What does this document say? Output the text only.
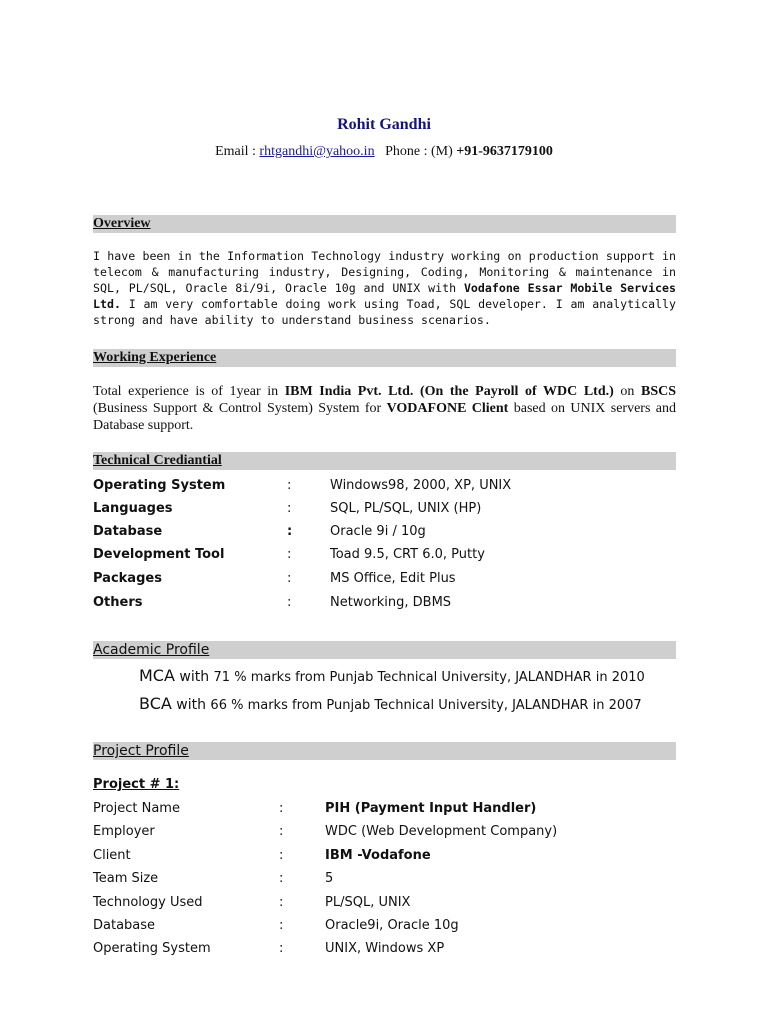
Rohit Gandhi
Email : rhtgandhi@yahoo.in Phone : (M) +91-9637179100
Overview
I have been in the Information Technology industry working on production support in telecom & manufacturing industry, Designing, Coding, Monitoring & maintenance in SQL, PL/SQL, Oracle 8i/9i, Oracle 10g and UNIX with Vodafone Essar Mobile Services Ltd. I am very comfortable doing work using Toad, SQL developer. I am analytically strong and have ability to understand business scenarios.
Working Experience
Total experience is of 1year in IBM India Pvt. Ltd. (On the Payroll of WDC Ltd.) on BSCS (Business Support & Control System) System for VODAFONE Client based on UNIX servers and Database support.
Technical Crediantial
Operating System	:	Windows98, 2000, XP, UNIX
Languages	:	SQL, PL/SQL, UNIX (HP)
Database	:	Oracle 9i / 10g
Development Tool	:	Toad 9.5, CRT 6.0, Putty
Packages	:	MS Office, Edit Plus
Others	:	Networking, DBMS
Academic Profile
MCA with 71 % marks from Punjab Technical University, JALANDHAR in 2010
BCA with 66 % marks from Punjab Technical University, JALANDHAR in 2007
Project Profile
Project # 1:
Project Name	:	PIH (Payment Input Handler)
Employer	:	WDC (Web Development Company)
Client	:	IBM -Vodafone
Team Size	:	5
Technology Used	:	PL/SQL, UNIX
Database	:	Oracle9i, Oracle 10g
Operating System	:	UNIX, Windows XP
